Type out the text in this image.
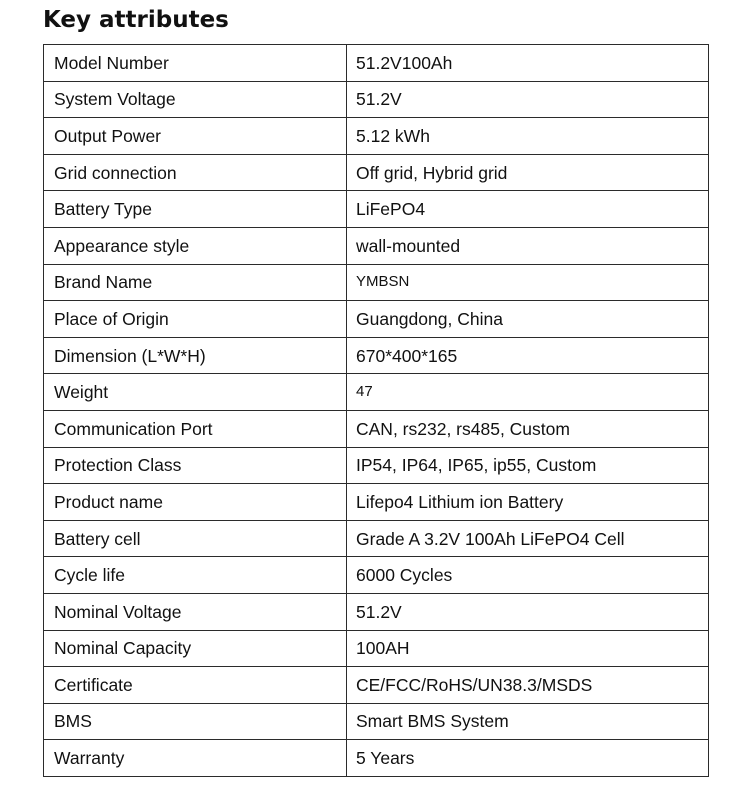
Key attributes
Model Number	51.2V100Ah
System Voltage	51.2V
Output Power	5.12 kWh
Grid connection	Off grid, Hybrid grid
Battery Type	LiFePO4
Appearance style	wall-mounted
Brand Name	YMBSN
Place of Origin	Guangdong, China
Dimension (L*W*H)	670*400*165
Weight	47
Communication Port	CAN, rs232, rs485, Custom
Protection Class	IP54, IP64, IP65, ip55, Custom
Product name	Lifepo4 Lithium ion Battery
Battery cell	Grade A 3.2V 100Ah LiFePO4 Cell
Cycle life	6000 Cycles
Nominal Voltage	51.2V
Nominal Capacity	100AH
Certificate	CE/FCC/RoHS/UN38.3/MSDS
BMS	Smart BMS System
Warranty	5 Years
